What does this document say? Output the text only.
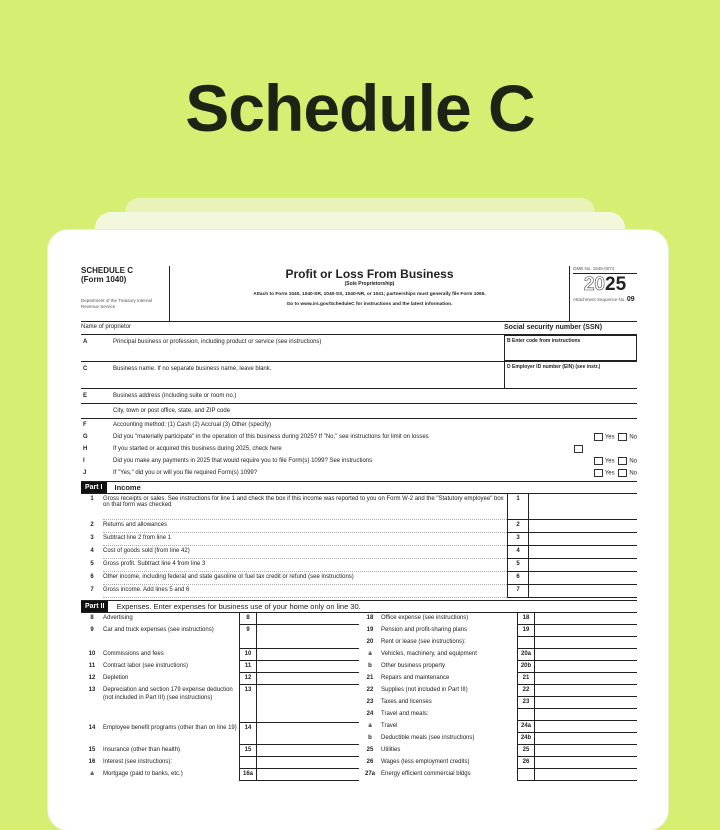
Schedule C
SCHEDULE C
(Form 1040)
Department of the Treasury Internal Revenue Service
Profit or Loss From Business
(Sole Proprietorship)
Attach to Form 1040, 1040-SR, 1040-SS, 1040-NR, or 1041; partnerships must generally file Form 1065.
Go to www.irs.gov/ScheduleC for instructions and the latest information.
OMB No. 1545-0074
2025
Attachment Sequence No. 09
Name of proprietor	Social security number (SSN)
A	Principal business or profession, including product or service (see instructions)	B Enter code from instructions
C	Business name. If no separate business name, leave blank.	D Employer ID number (EIN) (see instr.)
E	Business address (including suite or room no.)
City, town or post office, state, and ZIP code
F	Accounting method: (1) Cash (2) Accrual (3) Other (specify)
G	Did you "materially participate" in the operation of this business during 2025? If "No," see instructions for limit on losses	Yes No
H	If you started or acquired this business during 2025, check here
I	Did you make any payments in 2025 that would require you to file Form(s) 1099? See instructions	Yes No
J	If "Yes," did you or will you file required Form(s) 1099?	Yes No
Part I	Income
1	Gross receipts or sales. See instructions for line 1 and check the box if this income was reported to you on Form W-2 and the "Statutory employee" box on that form was checked
1
2	Returns and allowances	2
3	Subtract line 2 from line 1	3
4	Cost of goods sold (from line 42)	4
5	Gross profit. Subtract line 4 from line 3	5
6	Other income, including federal and state gasoline or fuel tax credit or refund (see instructions)	6
7	Gross income. Add lines 5 and 6	7
Part II	Expenses. Enter expenses for business use of your home only on line 30.
8	Advertising	8
9	Car and truck expenses (see instructions)	9
10	Commissions and fees	10
11	Contract labor (see instructions)	11
12	Depletion	12
13	Depreciation and section 179 expense deduction (not included in Part III) (see instructions)
13
14	Employee benefit programs (other than on line 19)	14
15	Insurance (other than health)	15
16	Interest (see instructions):
a	Mortgage (paid to banks, etc.)	16a
18	Office expense (see instructions)	18
19	Pension and profit-sharing plans	19
20	Rent or lease (see instructions):
a	Vehicles, machinery, and equipment	20a
b	Other business property	20b
21	Repairs and maintenance	21
22	Supplies (not included in Part III)	22
23	Taxes and licenses	23
24	Travel and meals:
a	Travel	24a
b	Deductible meals (see instructions)	24b
25	Utilities	25
26	Wages (less employment credits)	26
27a	Energy efficient commercial bldgs
